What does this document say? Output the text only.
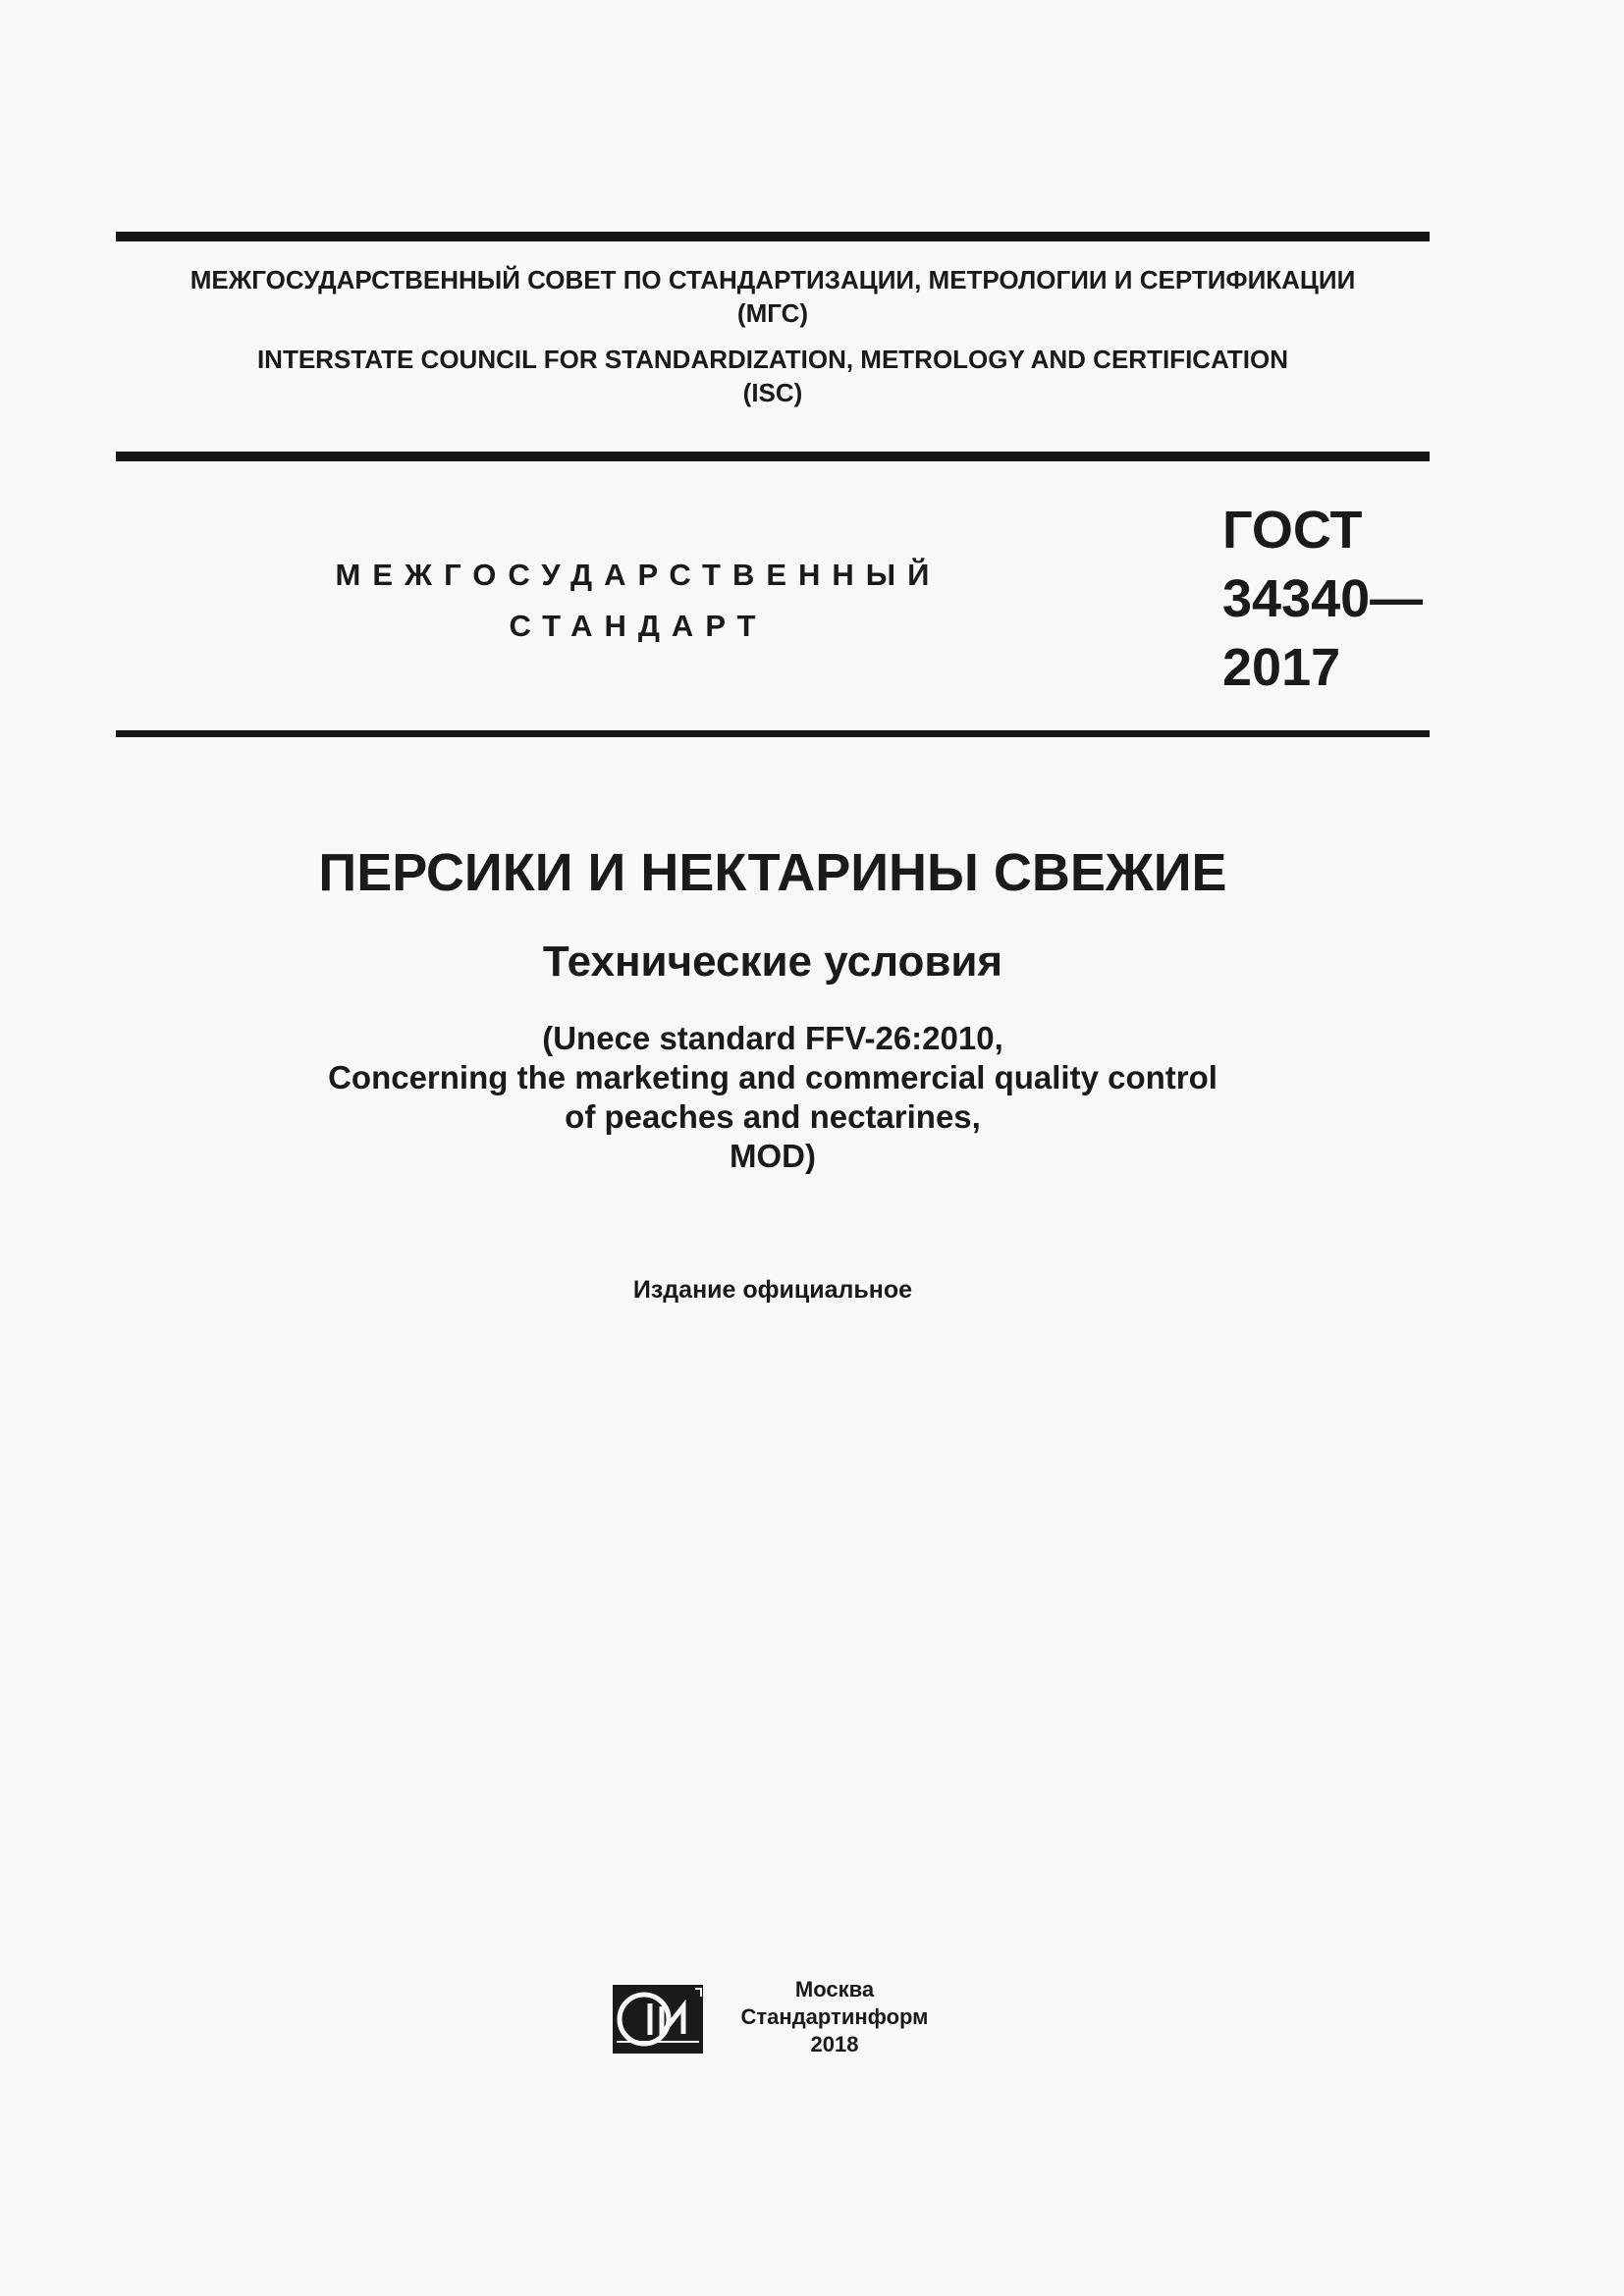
МЕЖГОСУДАРСТВЕННЫЙ СОВЕТ ПО СТАНДАРТИЗАЦИИ, МЕТРОЛОГИИ И СЕРТИФИКАЦИИ
(МГС)
INTERSTATE COUNCIL FOR STANDARDIZATION, METROLOGY AND CERTIFICATION
(ISC)
МЕЖГОСУДАРСТВЕННЫЙ
СТАНДАРТ
ГОСТ
34340—
2017
ПЕРСИКИ И НЕКТАРИНЫ СВЕЖИЕ
Технические условия
(Unece standard FFV-26:2010,
Concerning the marketing and commercial quality control
of peaches and nectarines,
MOD)
Издание официальное
Москва
Стандартинформ
2018
